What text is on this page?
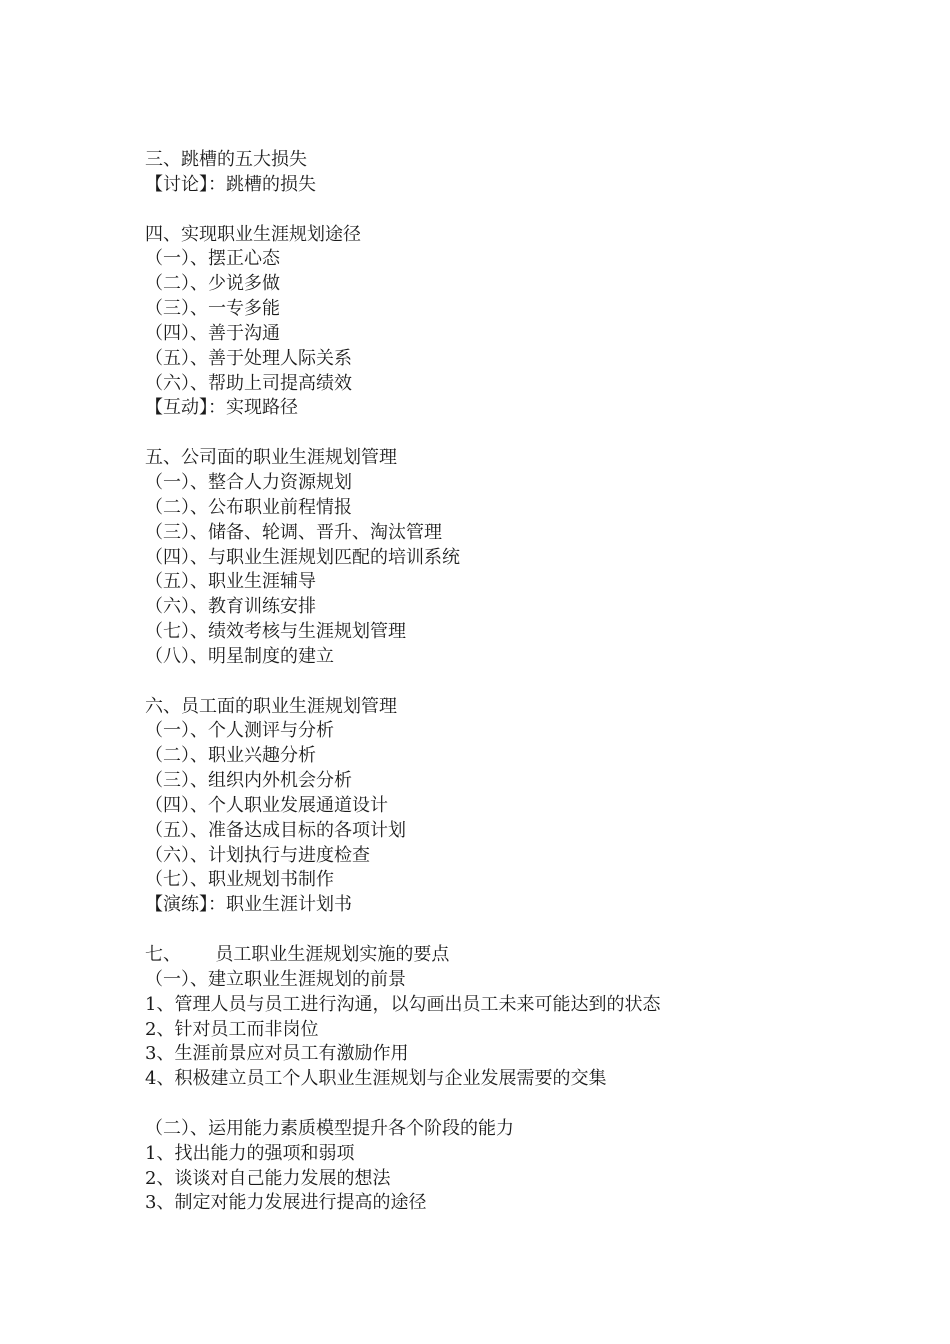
三、跳槽的五大损失
【讨论】：跳槽的损失
四、实现职业生涯规划途径
（一）、摆正心态
（二）、少说多做
（三）、一专多能
（四）、善于沟通
（五）、善于处理人际关系
（六）、帮助上司提高绩效
【互动】：实现路径
五、公司面的职业生涯规划管理
（一）、整合人力资源规划
（二）、公布职业前程情报
（三）、储备、轮调、晋升、淘汰管理
（四）、与职业生涯规划匹配的培训系统
（五）、职业生涯辅导
（六）、教育训练安排
（七）、绩效考核与生涯规划管理
（八）、明星制度的建立
六、员工面的职业生涯规划管理
（一）、个人测评与分析
（二）、职业兴趣分析
（三）、组织内外机会分析
（四）、个人职业发展通道设计
（五）、准备达成目标的各项计划
（六）、计划执行与进度检查
（七）、职业规划书制作
【演练】：职业生涯计划书
七、      员工职业生涯规划实施的要点
（一）、建立职业生涯规划的前景
1、管理人员与员工进行沟通，以勾画出员工未来可能达到的状态
2、针对员工而非岗位
3、生涯前景应对员工有激励作用
4、积极建立员工个人职业生涯规划与企业发展需要的交集
（二）、运用能力素质模型提升各个阶段的能力
1、找出能力的强项和弱项
2、谈谈对自己能力发展的想法
3、制定对能力发展进行提高的途径
